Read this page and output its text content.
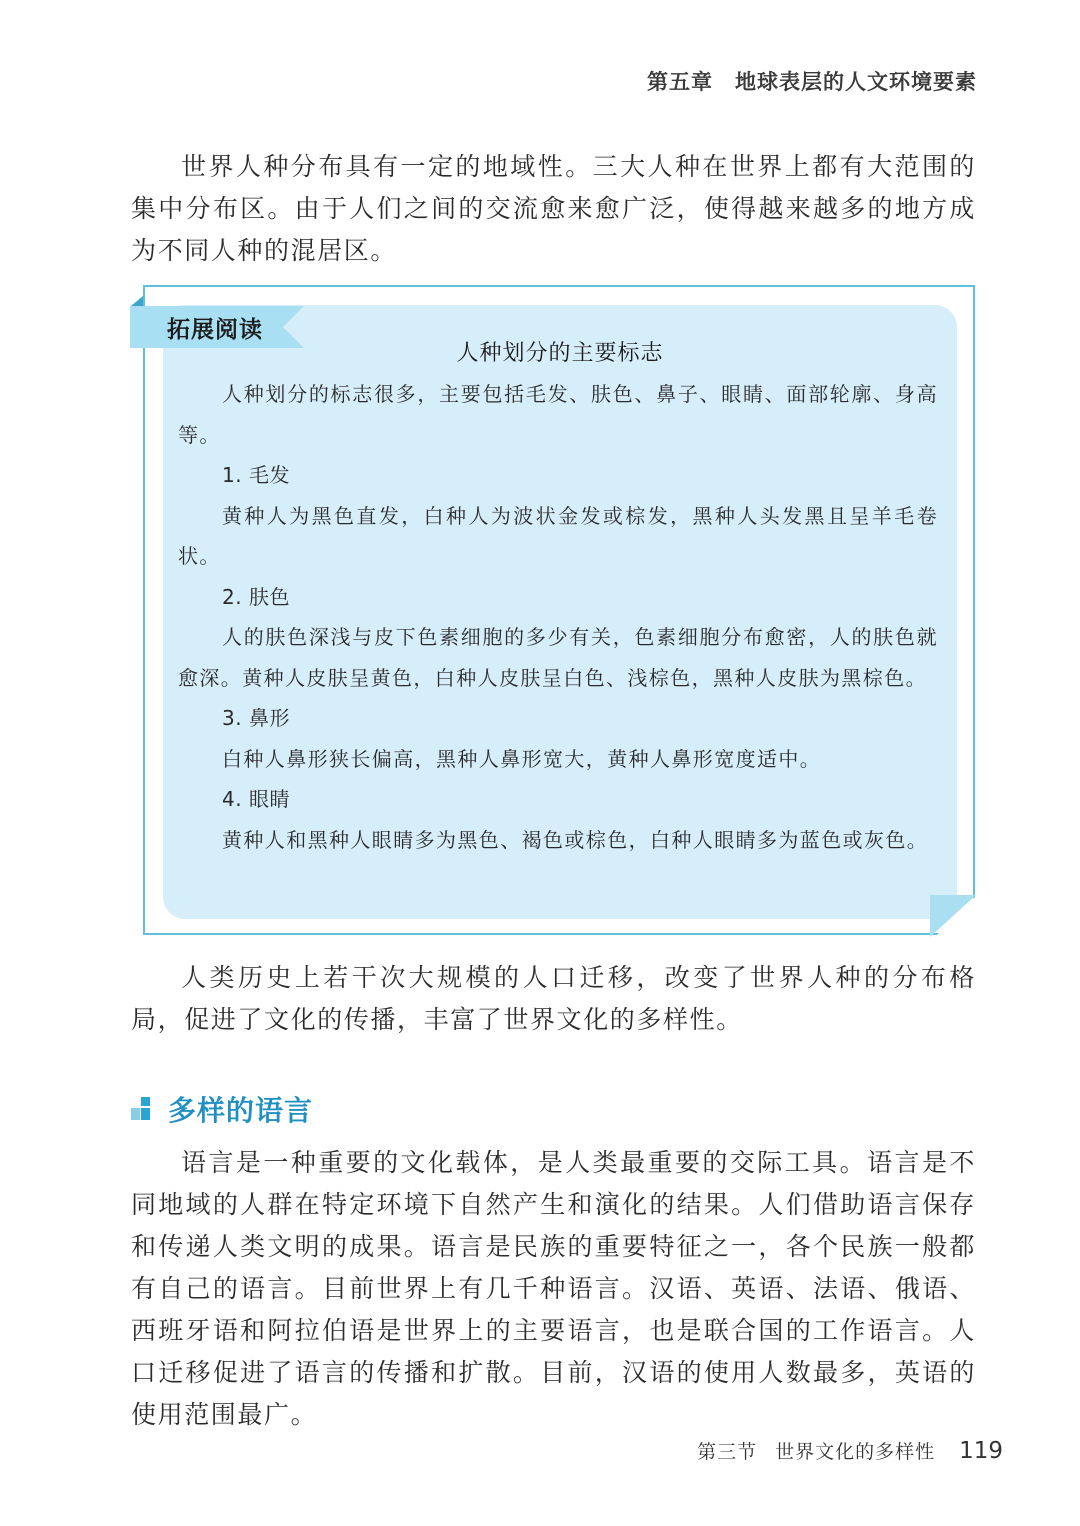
第五章 地球表层的人文环境要素

世界人种分布具有一定的地域性。三大人种在世界上都有大范围的集中分布区。由于人们之间的交流愈来愈广泛，使得越来越多的地方成为不同人种的混居区。

拓展阅读
人种划分的主要标志

人种划分的标志很多，主要包括毛发、肤色、鼻子、眼睛、面部轮廓、身高等。

1. 毛发

黄种人为黑色直发，白种人为波状金发或棕发，黑种人头发黑且呈羊毛卷状。

2. 肤色

人的肤色深浅与皮下色素细胞的多少有关，色素细胞分布愈密，人的肤色就愈深。黄种人皮肤呈黄色，白种人皮肤呈白色、浅棕色，黑种人皮肤为黑棕色。

3. 鼻形

白种人鼻形狭长偏高，黑种人鼻形宽大，黄种人鼻形宽度适中。

4. 眼睛

黄种人和黑种人眼睛多为黑色、褐色或棕色，白种人眼睛多为蓝色或灰色。

人类历史上若干次大规模的人口迁移，改变了世界人种的分布格局，促进了文化的传播，丰富了世界文化的多样性。

多样的语言

语言是一种重要的文化载体，是人类最重要的交际工具。语言是不同地域的人群在特定环境下自然产生和演化的结果。人们借助语言保存和传递人类文明的成果。语言是民族的重要特征之一，各个民族一般都有自己的语言。目前世界上有几千种语言。汉语、英语、法语、俄语、西班牙语和阿拉伯语是世界上的主要语言，也是联合国的工作语言。人口迁移促进了语言的传播和扩散。目前，汉语的使用人数最多，英语的使用范围最广。

第三节 世界文化的多样性 119
